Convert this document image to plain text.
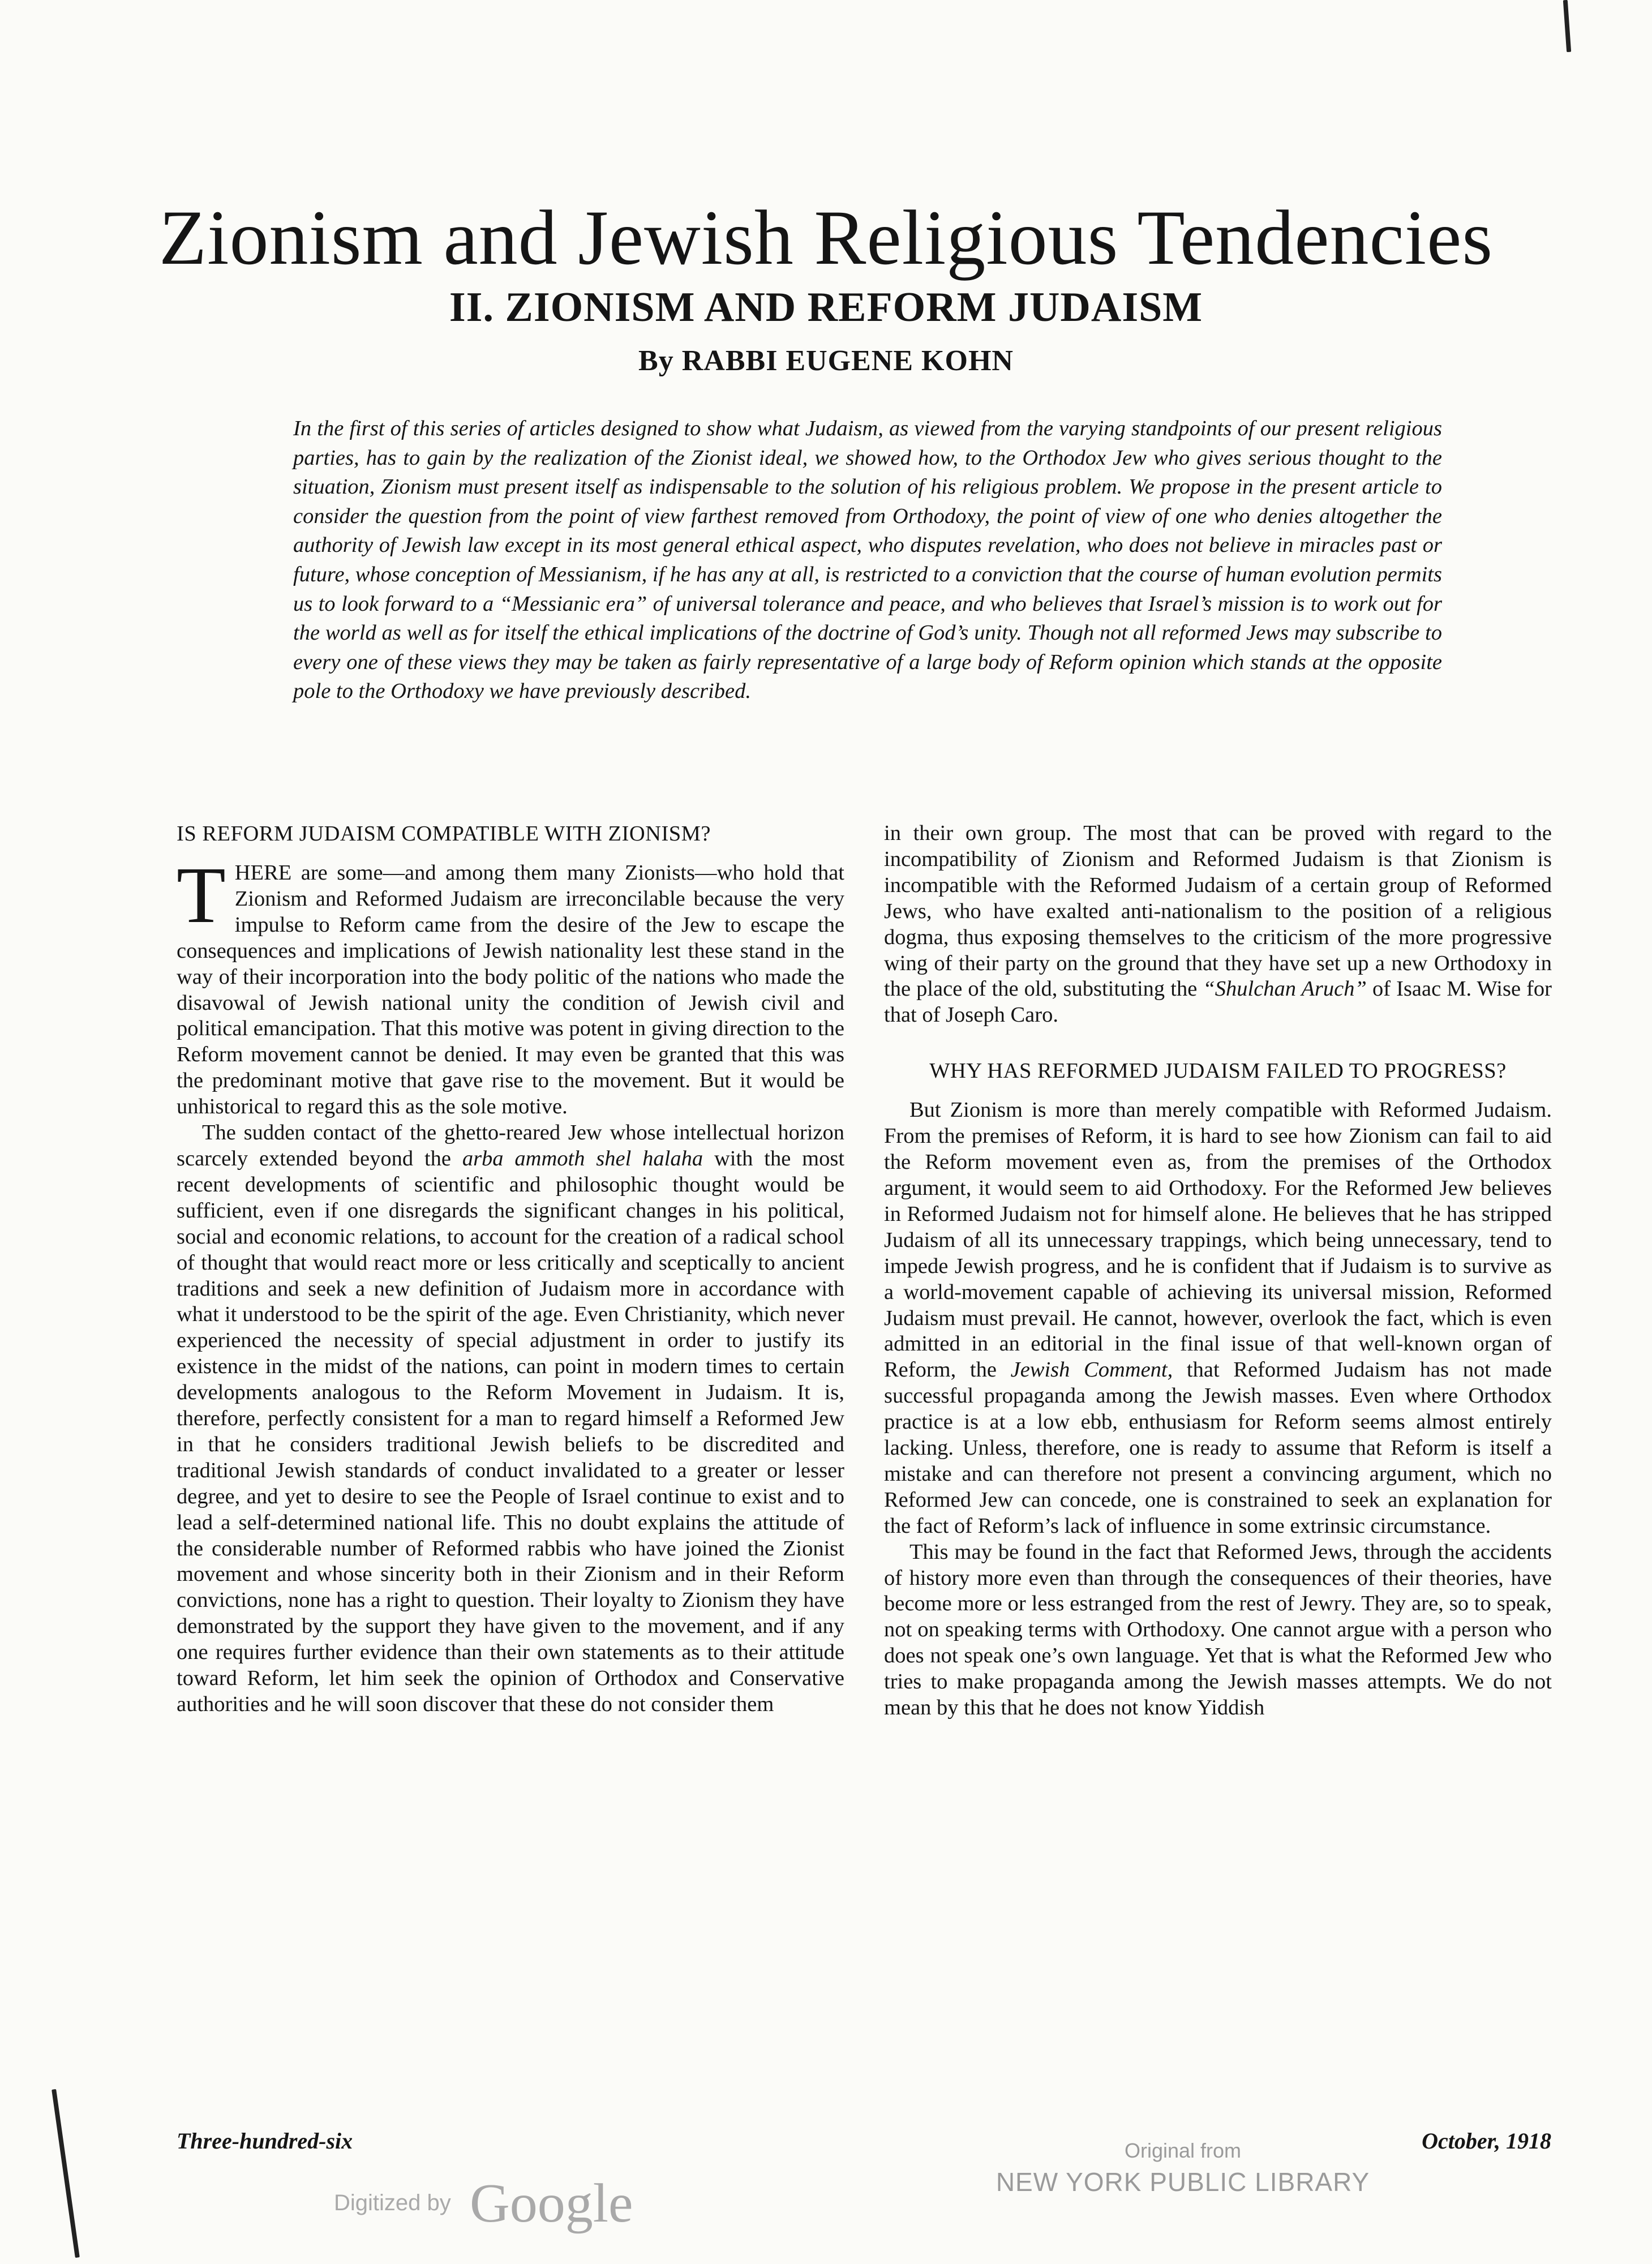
Zionism and Jewish Religious Tendencies
II. ZIONISM AND REFORM JUDAISM

By RABBI EUGENE KOHN

In the first of this series of articles designed to show what Judaism, as viewed from the varying standpoints of our present religious parties, has to gain by the realization of the Zionist ideal, we showed how, to the Orthodox Jew who gives serious thought to the situation, Zionism must present itself as indispensable to the solution of his religious problem. We propose in the present article to consider the question from the point of view farthest removed from Orthodoxy, the point of view of one who denies altogether the authority of Jewish law except in its most general ethical aspect, who disputes revelation, who does not believe in miracles past or future, whose conception of Messianism, if he has any at all, is restricted to a conviction that the course of human evolution permits us to look forward to a “Messianic era” of universal tolerance and peace, and who believes that Israel’s mission is to work out for the world as well as for itself the ethical implications of the doctrine of God’s unity. Though not all reformed Jews may subscribe to every one of these views they may be taken as fairly representative of a large body of Reform opinion which stands at the opposite pole to the Orthodoxy we have previously described.

IS REFORM JUDAISM COMPATIBLE WITH ZIONISM?

THERE are some—and among them many Zionists—who hold that Zionism and Reformed Judaism are irreconcilable because the very impulse to Reform came from the desire of the Jew to escape the consequences and implications of Jewish nationality lest these stand in the way of their incorporation into the body politic of the nations who made the disavowal of Jewish national unity the condition of Jewish civil and political emancipation. That this motive was potent in giving direction to the Reform movement cannot be denied. It may even be granted that this was the predominant motive that gave rise to the movement. But it would be unhistorical to regard this as the sole motive.

The sudden contact of the ghetto-reared Jew whose intellectual horizon scarcely extended beyond the arba ammoth shel halaha with the most recent developments of scientific and philosophic thought would be sufficient, even if one disregards the significant changes in his political, social and economic relations, to account for the creation of a radical school of thought that would react more or less critically and sceptically to ancient traditions and seek a new definition of Judaism more in accordance with what it understood to be the spirit of the age. Even Christianity, which never experienced the necessity of special adjustment in order to justify its existence in the midst of the nations, can point in modern times to certain developments analogous to the Reform Movement in Judaism. It is, therefore, perfectly consistent for a man to regard himself a Reformed Jew in that he considers traditional Jewish beliefs to be discredited and traditional Jewish standards of conduct invalidated to a greater or lesser degree, and yet to desire to see the People of Israel continue to exist and to lead a self-determined national life. This no doubt explains the attitude of the considerable number of Reformed rabbis who have joined the Zionist movement and whose sincerity both in their Zionism and in their Reform convictions, none has a right to question. Their loyalty to Zionism they have demonstrated by the support they have given to the movement, and if any one requires further evidence than their own statements as to their attitude toward Reform, let him seek the opinion of Orthodox and Conservative authorities and he will soon discover that these do not consider them

in their own group. The most that can be proved with regard to the incompatibility of Zionism and Reformed Judaism is that Zionism is incompatible with the Reformed Judaism of a certain group of Reformed Jews, who have exalted anti-nationalism to the position of a religious dogma, thus exposing themselves to the criticism of the more progressive wing of their party on the ground that they have set up a new Orthodoxy in the place of the old, substituting the “Shulchan Aruch” of Isaac M. Wise for that of Joseph Caro.

WHY HAS REFORMED JUDAISM FAILED TO PROGRESS?

But Zionism is more than merely compatible with Reformed Judaism. From the premises of Reform, it is hard to see how Zionism can fail to aid the Reform movement even as, from the premises of the Orthodox argument, it would seem to aid Orthodoxy. For the Reformed Jew believes in Reformed Judaism not for himself alone. He believes that he has stripped Judaism of all its unnecessary trappings, which being unnecessary, tend to impede Jewish progress, and he is confident that if Judaism is to survive as a world-movement capable of achieving its universal mission, Reformed Judaism must prevail. He cannot, however, overlook the fact, which is even admitted in an editorial in the final issue of that well-known organ of Reform, the Jewish Comment, that Reformed Judaism has not made successful propaganda among the Jewish masses. Even where Orthodox practice is at a low ebb, enthusiasm for Reform seems almost entirely lacking. Unless, therefore, one is ready to assume that Reform is itself a mistake and can therefore not present a convincing argument, which no Reformed Jew can concede, one is constrained to seek an explanation for the fact of Reform’s lack of influence in some extrinsic circumstance.

This may be found in the fact that Reformed Jews, through the accidents of history more even than through the consequences of their theories, have become more or less estranged from the rest of Jewry. They are, so to speak, not on speaking terms with Orthodoxy. One cannot argue with a person who does not speak one’s own language. Yet that is what the Reformed Jew who tries to make propaganda among the Jewish masses attempts. We do not mean by this that he does not know Yiddish

Three-hundred-six	October, 1918

Digitized by Google
Original from
NEW YORK PUBLIC LIBRARY
